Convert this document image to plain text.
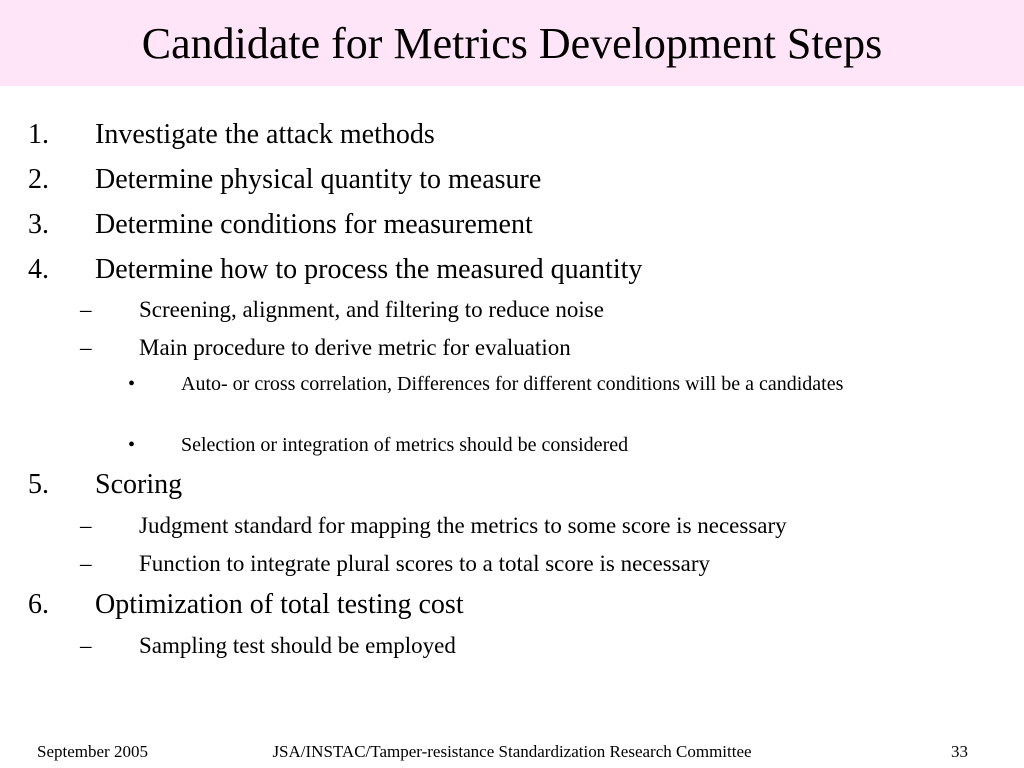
Candidate for Metrics Development Steps
1. Investigate the attack methods
2. Determine physical quantity to measure
3. Determine conditions for measurement
4. Determine how to process the measured quantity
– Screening, alignment, and filtering to reduce noise
– Main procedure to derive metric for evaluation
• Auto- or cross correlation, Differences for different conditions will be a candidates
• Selection or integration of metrics should be considered
5. Scoring
– Judgment standard for mapping the metrics to some score is necessary
– Function to integrate plural scores to a total score is necessary
6. Optimization of total testing cost
– Sampling test should be employed
September 2005	JSA/INSTAC/Tamper-resistance Standardization Research Committee	33
